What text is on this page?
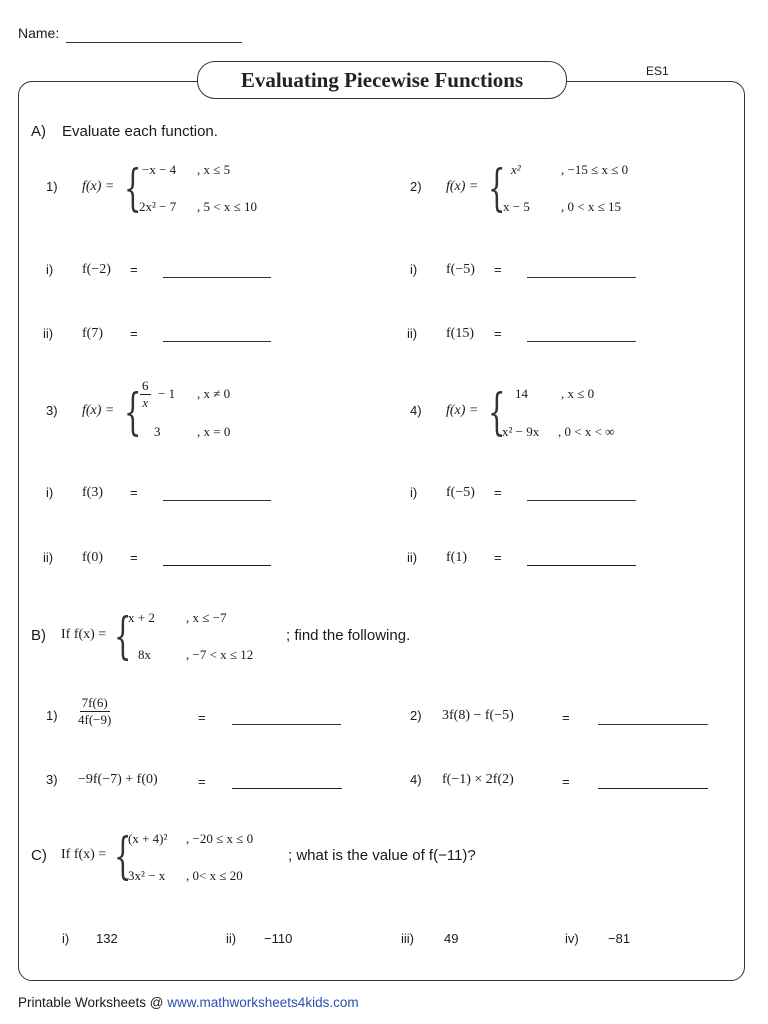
Name:
ES1
Evaluating Piecewise Functions
A) Evaluate each function.
1) f(x) = { −x − 4 , x ≤ 5
2x² − 7 , 5 < x ≤ 10
i) f(−2) =
ii) f(7) =
2) f(x) = { x²	, −15 ≤ x ≤ 0
x − 5 , 0 < x ≤ 15
i) f(−5) =
ii) f(15) =
3) f(x) = {
$\frac{6}{x} - 1$ , x ≠ 0
3	, x = 0
i) f(3) =
ii) f(0) =
4) f(x) = { 14	, x ≤ 0
x² − 9x , 0 < x < ∞
i) f(−5) =
ii) f(1) =
B) If f(x) = {
x + 2 , x ≤ −7
8x	, −7 < x ≤ 12
; find the following.
$1) \frac{7f(6)}{4f(-9)}$	=	2) 3f(8) − f(−5)	=
3) −9f(−7) + f(0)	=	4) f(−1) × 2f(2)	=
C) If f(x) = {
(x + 4)² , −20 ≤ x ≤ 0
3x² − x , 0< x ≤ 20
; what is the value of f(−11)?
i) 132	ii) −110	iii) 49	iv) −81
Printable Worksheets @ www.mathworksheets4kids.com
